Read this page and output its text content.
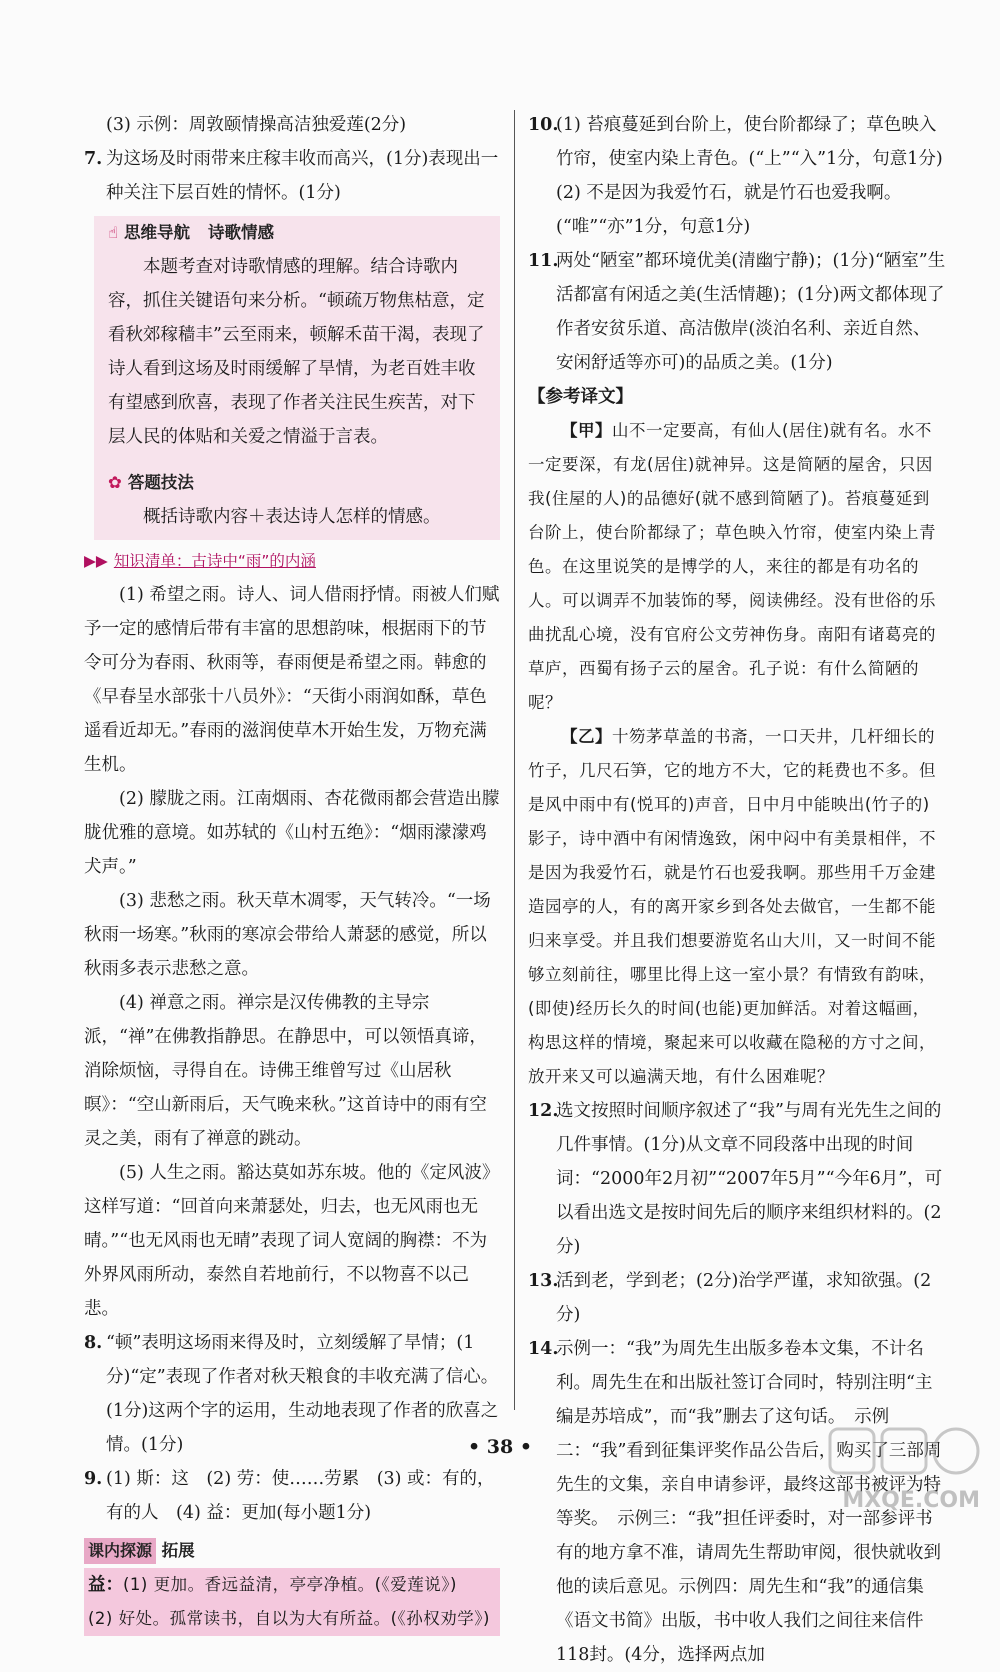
(3) 示例：周敦颐情操高洁独爱莲(2分)

7. 为这场及时雨带来庄稼丰收而高兴，(1分)表现出一种关注下层百姓的情怀。(1分)
☝ 思维导航 诗歌情感

本题考查对诗歌情感的理解。结合诗歌内容，抓住关键语句来分析。“顿疏万物焦枯意，定看秋郊稼穑丰”云至雨来，顿解禾苗干渴，表现了诗人看到这场及时雨缓解了旱情，为老百姓丰收有望感到欣喜，表现了作者关注民生疾苦，对下层人民的体贴和关爱之情溢于言表。

✿ 答题技法

概括诗歌内容＋表达诗人怎样的情感。

▶▶ 知识清单：古诗中“雨”的内涵

(1) 希望之雨。诗人、词人借雨抒情。雨被人们赋予一定的感情后带有丰富的思想韵味，根据雨下的节令可分为春雨、秋雨等，春雨便是希望之雨。韩愈的《早春呈水部张十八员外》：“天街小雨润如酥，草色遥看近却无。”春雨的滋润使草木开始生发，万物充满生机。

(2) 朦胧之雨。江南烟雨、杏花微雨都会营造出朦胧优雅的意境。如苏轼的《山村五绝》：“烟雨濛濛鸡犬声。”

(3) 悲愁之雨。秋天草木凋零，天气转冷。“一场秋雨一场寒。”秋雨的寒凉会带给人萧瑟的感觉，所以秋雨多表示悲愁之意。

(4) 禅意之雨。禅宗是汉传佛教的主导宗派，“禅”在佛教指静思。在静思中，可以领悟真谛，消除烦恼，寻得自在。诗佛王维曾写过《山居秋暝》：“空山新雨后，天气晚来秋。”这首诗中的雨有空灵之美，雨有了禅意的跳动。

(5) 人生之雨。豁达莫如苏东坡。他的《定风波》这样写道：“回首向来萧瑟处，归去，也无风雨也无晴。”“也无风雨也无晴”表现了词人宽阔的胸襟：不为外界风雨所动，泰然自若地前行，不以物喜不以己悲。

8. “顿”表明这场雨来得及时，立刻缓解了旱情；(1分)“定”表现了作者对秋天粮食的丰收充满了信心。(1分)这两个字的运用，生动地表现了作者的欣喜之情。(1分)
9. (1) 斯：这　(2) 劳：使……劳累　(3) 或：有的，有的人　(4) 益：更加(每小题1分)
课内探源 拓展
益：(1) 更加。香远益清，亭亭净植。(《爱莲说》)
(2) 好处。孤常读书，自以为大有所益。(《孙权劝学》)
10.

(1) 苔痕蔓延到台阶上，使台阶都绿了；草色映入竹帘，使室内染上青色。(“上”“入”1分，句意1分)

(2) 不是因为我爱竹石，就是竹石也爱我啊。(“唯”“亦”1分，句意1分)

11.
两处“陋室”都环境优美(清幽宁静)；(1分)“陋室”生活都富有闲适之美(生活情趣)；(1分)两文都体现了作者安贫乐道、高洁傲岸(淡泊名利、亲近自然、安闲舒适等亦可)的品质之美。(1分)

【参考译文】

【甲】山不一定要高，有仙人(居住)就有名。水不一定要深，有龙(居住)就神异。这是简陋的屋舍，只因我(住屋的人)的品德好(就不感到简陋了)。苔痕蔓延到台阶上，使台阶都绿了；草色映入竹帘，使室内染上青色。在这里说笑的是博学的人，来往的都是有功名的人。可以调弄不加装饰的琴，阅读佛经。没有世俗的乐曲扰乱心境，没有官府公文劳神伤身。南阳有诸葛亮的草庐，西蜀有扬子云的屋舍。孔子说：有什么简陋的呢？

【乙】十笏茅草盖的书斋，一口天井，几杆细长的竹子，几尺石笋，它的地方不大，它的耗费也不多。但是风中雨中有(悦耳的)声音，日中月中能映出(竹子的)影子，诗中酒中有闲情逸致，闲中闷中有美景相伴，不是因为我爱竹石，就是竹石也爱我啊。那些用千万金建造园亭的人，有的离开家乡到各处去做官，一生都不能归来享受。并且我们想要游览名山大川，又一时间不能够立刻前往，哪里比得上这一室小景？有情致有韵味，(即使)经历长久的时间(也能)更加鲜活。对着这幅画，构思这样的情境，聚起来可以收藏在隐秘的方寸之间，放开来又可以遍满天地，有什么困难呢？

12.
选文按照时间顺序叙述了“我”与周有光先生之间的几件事情。(1分)从文章不同段落中出现的时间词：“2000年2月初”“2007年5月”“今年6月”，可以看出选文是按时间先后的顺序来组织材料的。(2分)
13.
活到老，学到老；(2分)治学严谨，求知欲强。(2分)
14.
示例一：“我”为周先生出版多卷本文集，不计名利。周先生在和出版社签订合同时，特别注明“主编是苏培成”，而“我”删去了这句话。　示例二：“我”看到征集评奖作品公告后，购买了三部周先生的文集，亲自申请参评，最终这部书被评为特等奖。　示例三：“我”担任评委时，对一部参评书有的地方拿不准，请周先生帮助审阅，很快就收到他的读后意见。示例四：周先生和“我”的通信集《语文书简》出版，书中收人我们之间往来信件118封。(4分，选择两点加
• 38 •
MXQE.COM
